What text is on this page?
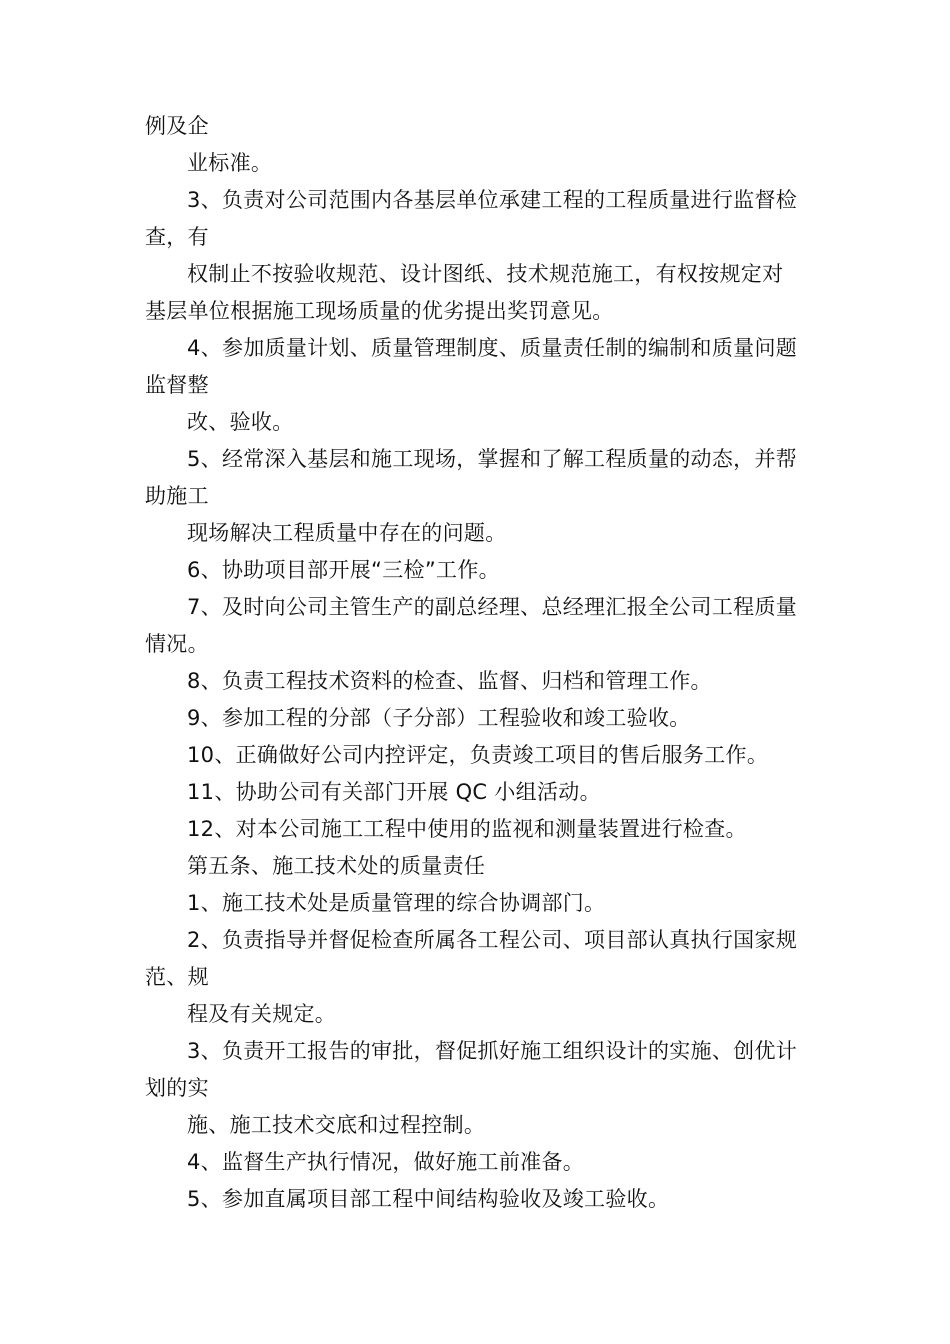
例及企
业标准。
3、负责对公司范围内各基层单位承建工程的工程质量进行监督检
查，有
权制止不按验收规范、设计图纸、技术规范施工，有权按规定对
基层单位根据施工现场质量的优劣提出奖罚意见。
4、参加质量计划、质量管理制度、质量责任制的编制和质量问题
监督整
改、验收。
5、经常深入基层和施工现场，掌握和了解工程质量的动态，并帮
助施工
现场解决工程质量中存在的问题。
6、协助项目部开展“三检”工作。
7、及时向公司主管生产的副总经理、总经理汇报全公司工程质量
情况。
8、负责工程技术资料的检查、监督、归档和管理工作。
9、参加工程的分部（子分部）工程验收和竣工验收。
10、正确做好公司内控评定，负责竣工项目的售后服务工作。
11、协助公司有关部门开展 QC 小组活动。
12、对本公司施工工程中使用的监视和测量装置进行检查。
第五条、施工技术处的质量责任
1、施工技术处是质量管理的综合协调部门。
2、负责指导并督促检查所属各工程公司、项目部认真执行国家规
范、规
程及有关规定。
3、负责开工报告的审批，督促抓好施工组织设计的实施、创优计
划的实
施、施工技术交底和过程控制。
4、监督生产执行情况，做好施工前准备。
5、参加直属项目部工程中间结构验收及竣工验收。
